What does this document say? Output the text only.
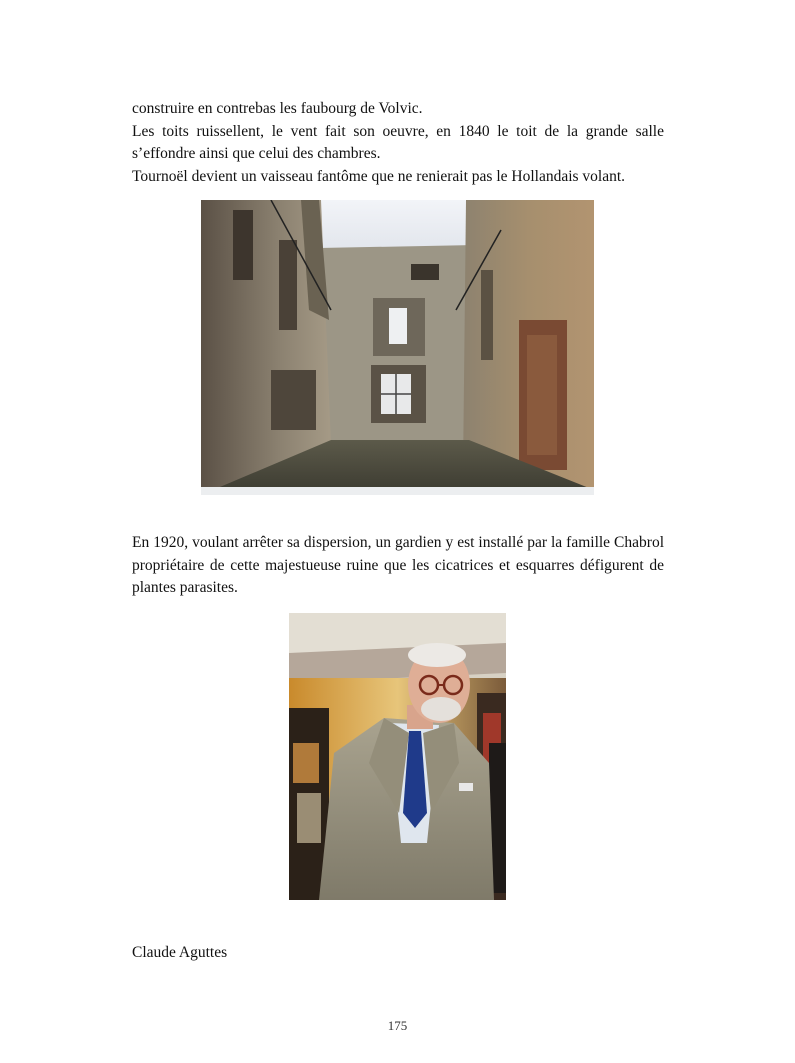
construire en contrebas les faubourg de Volvic.

Les toits ruissellent, le vent fait son oeuvre, en 1840 le toit de la grande salle s’effondre ainsi que celui des chambres.

Tournoël devient un vaisseau fantôme que ne renierait pas le Hollandais volant.

En 1920, voulant arrêter sa dispersion, un gardien y est installé par la famille Chabrol propriétaire de cette majestueuse ruine que les cicatrices et esquarres défigurent de plantes parasites.

Claude Aguttes
175
